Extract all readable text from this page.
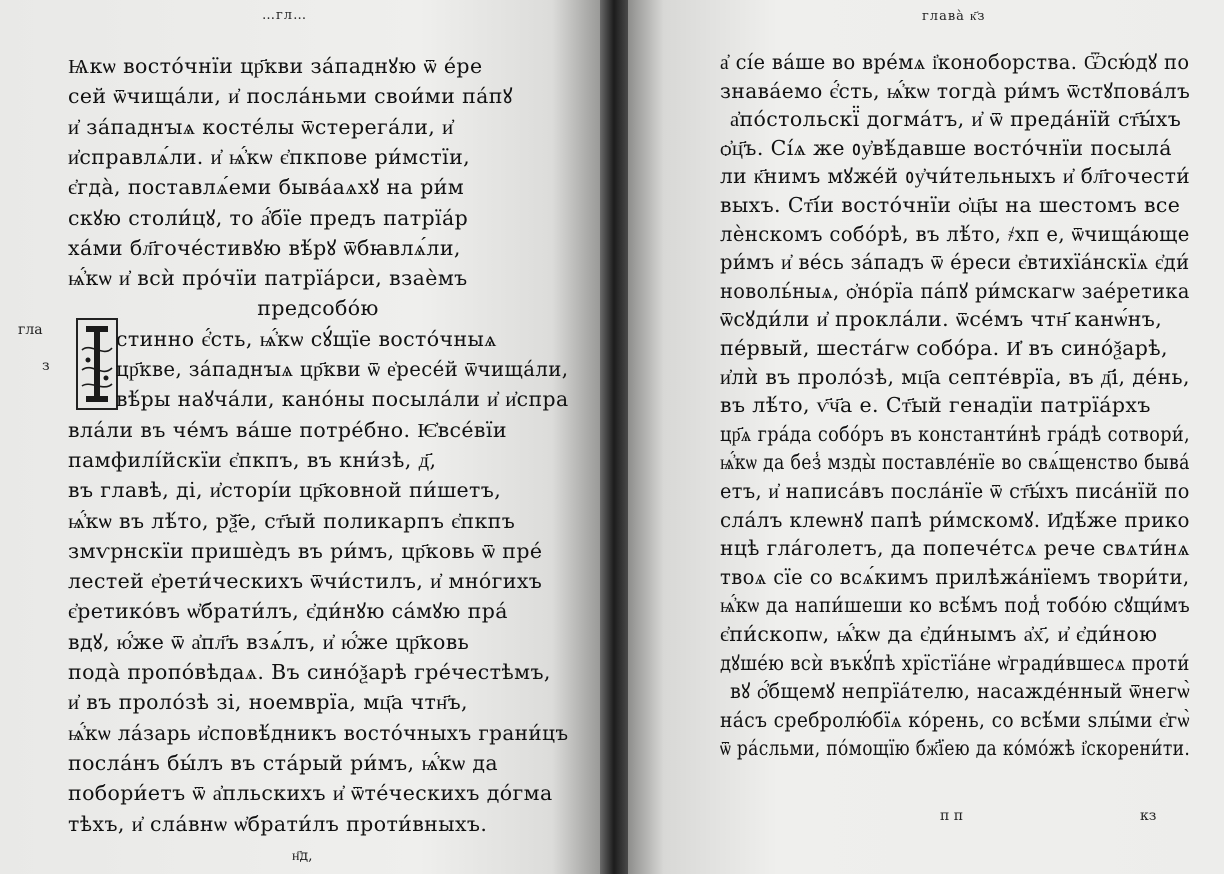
…гл…
гла
з
Ѩкѡ восто́чнїи цр҃кви за́паднꙋю ѿ е́ре
сей ѿчища́ли, и҆ посла́ньми свои́ми па́пꙋ
и҆ за́паднꙑѧ косте́лы ѿстерега́ли, и҆
и҆справлѧ́ли. и҆ ѩ҆́кѡ є҆пкпове ри́мстїи,
є҆гда̀, поставлѧ́еми быва́аѧхꙋ на ри́м
скꙋю столи́цꙋ, то а҆́бїе предъ патрїа́р
ха́ми бл҃гоче́стивꙋю вѣ́рꙋ ѿбꙗвлѧ́ли,
ѩ҆́кѡ и҆ всѝ про́чїи патрїа́рси, взаѐмъ
предсобо́ю
стинно є҆́сть, ѩ҆́кѡ сꙋ́щїе восто́чныѧ
цр҃кве, за́паднꙑѧ цр҃кви ѿ е҆ресе́й ѿчища́ли,
вѣ́ры наꙋча́ли, кано́ны посыла́ли и҆ и҆спра
вла́ли въ че́мъ ва́ше потре́бно. Ѥ҆все́вїи
памфилі́йскїи є҆пкпъ, въ кни́зѣ, д҃,
въ главѣ, ді, и҆сторі́и цр҃ковной пи́шетъ,
ѩ҆́кѡ въ лѣ́то, рѯ҃е, ст҃ый поликарпъ є҆пкпъ
змѵрнскїи пришѐдъ въ ри́мъ, цр҃ковь ѿ пре́
лестей е҆рети́ческихъ ѿчи́стилъ, и҆ мно́гихъ
є҆ретико́въ ѡ҆брати́лъ, є҆ди́нꙋю са́мꙋю пра́
вдꙋ, ю҆́же ѿ а҆пл҃ъ взѧ́лъ, и҆ ю҆́же цр҃ковь
пода̀ пропо́вѣдаѧ. Въ сино́ѯарѣ гре́честѣмъ,
и҆ въ проло́зѣ зі, ноемврїа, мц҃а чтн҃ъ,
ѩ҆́кѡ ла́зарь и҆сповѣ́дникъ восто́чныхъ грани́цъ
посла́нъ бы́лъ въ ста́рый ри́мъ, ѩ҆́кѡ да
побори́етъ ѿ а҆пльскихъ и҆ ѿте́ческихъ до́гма
тѣхъ, и҆ сла́внѡ ѡ҆брати́лъ проти́вныхъ.
н҃д,
глава̀ к҃з
а҆ сі́е ва́ше во вре́мѧ і҆коноборства. Ѿсю́дꙋ по
знава́емо є҆́сть, ѩ҆́кѡ тогда̀ ри́мъ ѿстꙋпова́лъ
а҆по́стольскї̈ догма́тъ, и҆ ѿ преда́нїй ст҃ы́хъ
ѻ҆ц҃ъ. Сі́ѧ же ᲂу҆вѣ́давше восто́чнїи посыла́
ли к҃нимъ мꙋже́й ᲂу҆чи́тельныхъ и҆ бл҃гочести́
выхъ. Ст҃і́и восто́чнїи ѻ҆ц҃ы на шестомъ все
лѐнскомъ собо́рѣ, въ лѣ́то, ҂хп е, ѿчища́юще
ри́мъ и҆ ве́сь за́падъ ѿ е́реси є҆втихїа́нскїѧ є҆ди́
новоль́ныѧ, ѻ҆но́рїа па́пꙋ ри́мскагѡ зае́ретика
ѿсꙋди́ли и҆ прокла́ли. ѿсе́мъ чтн҃ канѡ́нъ,
пе́рвый, шеста́гѡ собо́ра. И҆ въ сино́ѯарѣ,
и҆лѝ въ проло́зѣ, мц҃а септе́врїа, въ д҃і, де́нь,
въ лѣ́то, ѵ҃ч҃а е. Ст҃ый генадїи патрїа́рхъ
цр҃ѧ гра́да собо́ръ въ константи́нѣ гра́дѣ сотвори́,
ѩ҆́кѡ да без̾ мзды̀ поставле́нїе во свѧ́щенство быва́
етъ, и҆ написа́въ посла́нїе ѿ ст҃ы́хъ писа́нїй по
сла́лъ клеѡнꙋ папѣ ри́мскомꙋ. И҆дѣ́же прико
нцѣ гла́голетъ, да попече́тсѧ рече свѧти́нѧ
твоѧ сїе со всѧ́кимъ прилѣжа́нїемъ твори́ти,
ѩ҆́кѡ да напи́шеши ко всѣ́мъ под̾ тобо́ю сꙋщи́мъ
є҆пи́скопѡ, ѩ҆́кѡ да є҆ди́нымъ а҆х҃, и҆ є҆ди́ною
дꙋше́ю всѝ въкꙋ́пѣ хрїстїа́не ѡ҆гради́вшесѧ проти́
вꙋ ѻ҆́бщемꙋ непрїа́телю, насажде́нный ѿнегѡ̀
на́съ сребролю́бїѧ ко́рень, со всѣ́ми ѕлы́ми є҆гѡ̀
ѿ ра́сльми, по́мощїю бж҃їею да ко́мо́жѣ і҆скорени́ти.
п п	кз
